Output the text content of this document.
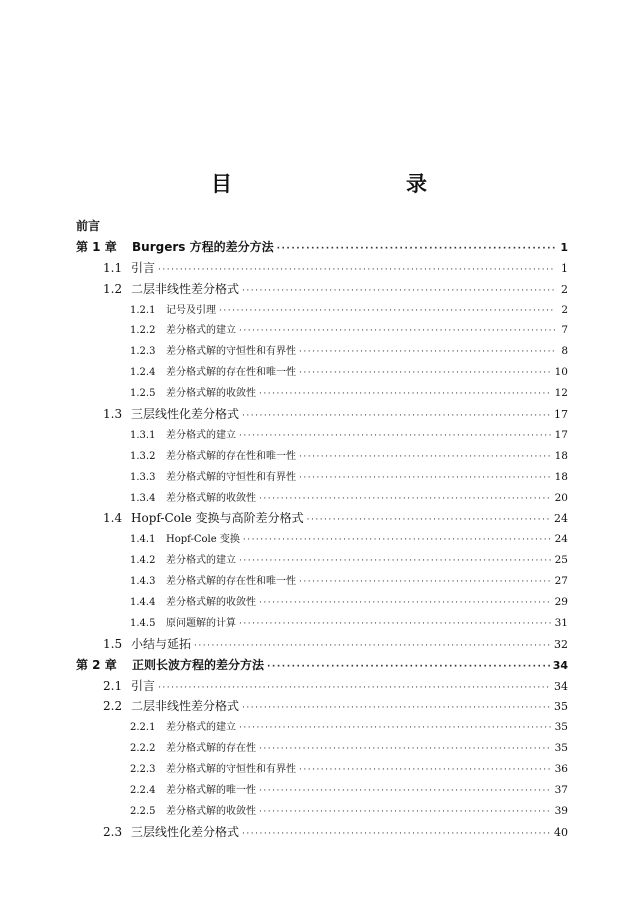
目　　录
前言
第 1 章	Burgers 方程的差分方法 ·····	1
1.1 引言 ·····	1
1.2 二层非线性差分格式 ·····	2
1.2.1	记号及引理 ·····	2
1.2.2	差分格式的建立 ·····	7
1.2.3	差分格式解的守恒性和有界性 ·····	8
1.2.4	差分格式解的存在性和唯一性 ·····	10
1.2.5	差分格式解的收敛性 ·····	12
1.3 三层线性化差分格式 ·····	17
1.3.1	差分格式的建立 ·····	17
1.3.2	差分格式解的存在性和唯一性 ·····	18
1.3.3	差分格式解的守恒性和有界性 ·····	18
1.3.4	差分格式解的收敛性 ·····	20
1.4 Hopf-Cole 变换与高阶差分格式 ·····	24
1.4.1	Hopf-Cole 变换 ·····	24
1.4.2	差分格式的建立 ·····	25
1.4.3	差分格式解的存在性和唯一性 ·····	27
1.4.4	差分格式解的收敛性 ·····	29
1.4.5	原问题解的计算 ·····	31
1.5 小结与延拓 ·····	32
第 2 章	正则长波方程的差分方法 ·····	34
2.1 引言 ·····	34
2.2 二层非线性差分格式 ·····	35
2.2.1	差分格式的建立 ·····	35
2.2.2	差分格式解的存在性 ·····	35
2.2.3	差分格式解的守恒性和有界性 ·····	36
2.2.4	差分格式解的唯一性 ·····	37
2.2.5	差分格式解的收敛性 ·····	39
2.3 三层线性化差分格式 ·····	40
